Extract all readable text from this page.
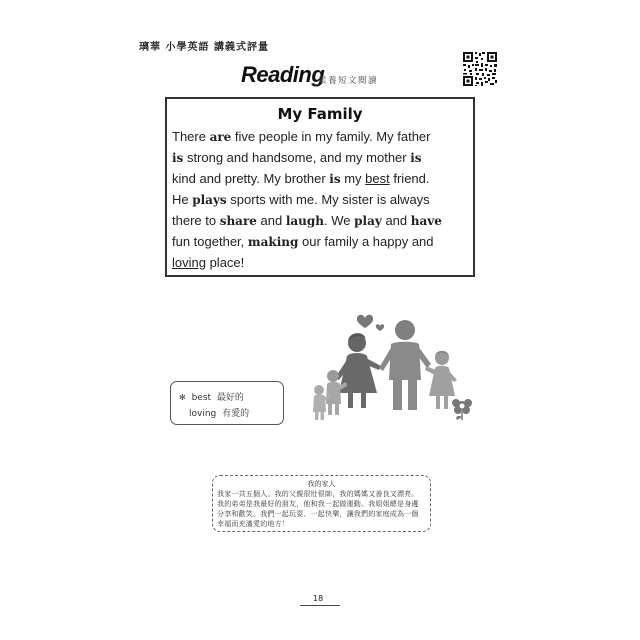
璃華 小學英語 講義式評量
Reading
素養短文閱讀
My Family
There are five people in my family. My father
is strong and handsome, and my mother is
kind and pretty. My brother is my best friend.
He plays sports with me. My sister is always
there to share and laugh. We play and have
fun together, making our family a happy and
loving place!
✻ best 最好的
loving 有愛的
我的家人
我家一共五個人。我的父親很壯很帥，我的媽媽又善良又漂亮。
我的弟弟是我最好的朋友，他和我一起做運動。我姐姐總是身邊
分享和歡笑。我們一起玩耍、一起快樂，讓我們的家庭成為一個
幸福而充滿愛的地方！
18
